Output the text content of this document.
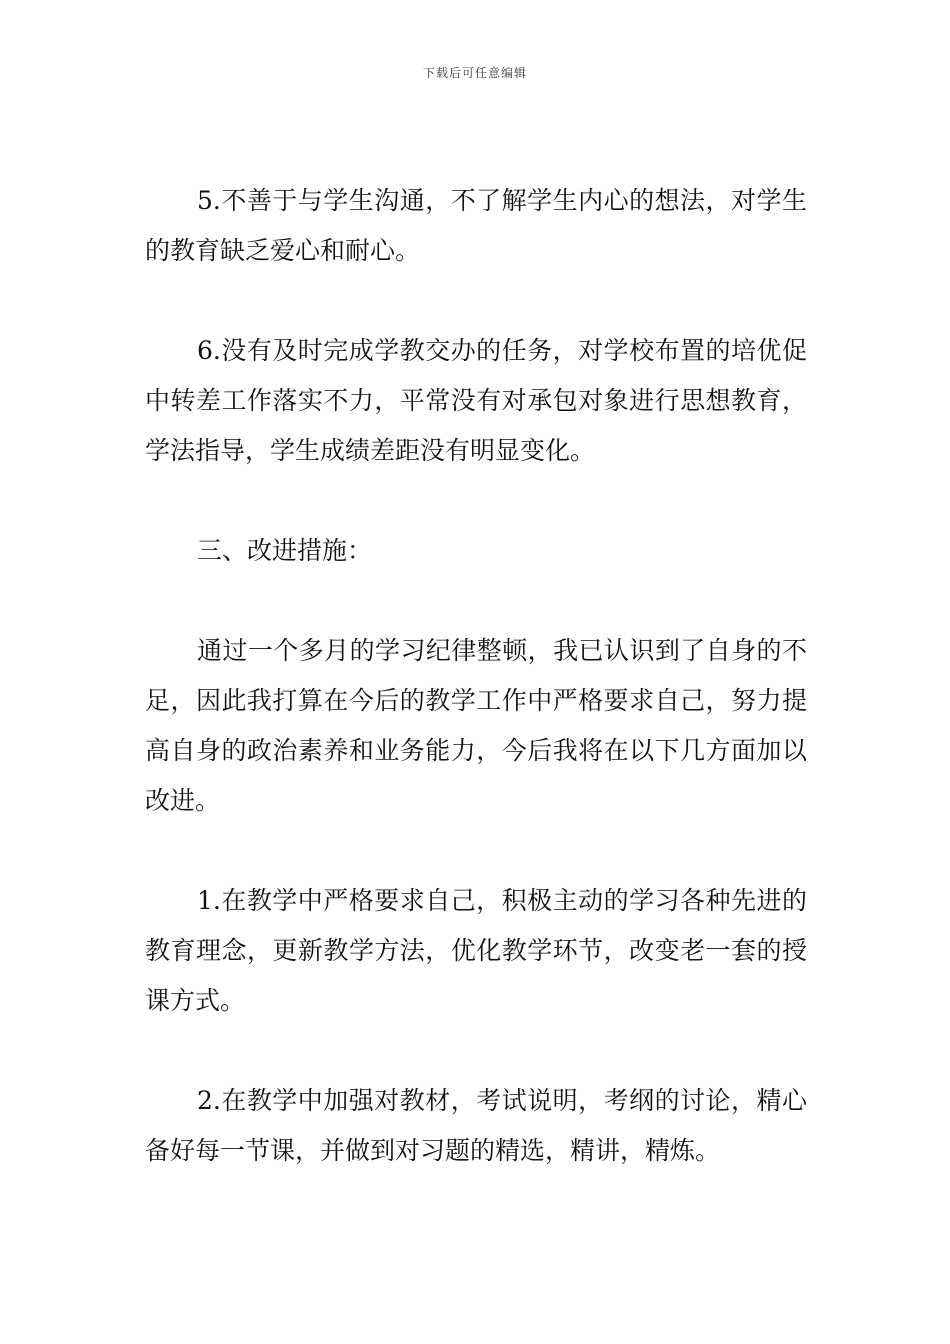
下载后可任意编辑

5.不善于与学生沟通，不了解学生内心的想法，对学生的教育缺乏爱心和耐心。

6.没有及时完成学教交办的任务，对学校布置的培优促中转差工作落实不力，平常没有对承包对象进行思想教育，学法指导，学生成绩差距没有明显变化。

三、改进措施：

通过一个多月的学习纪律整顿，我已认识到了自身的不足，因此我打算在今后的教学工作中严格要求自己，努力提高自身的政治素养和业务能力，今后我将在以下几方面加以改进。

1.在教学中严格要求自己，积极主动的学习各种先进的教育理念，更新教学方法，优化教学环节，改变老一套的授课方式。

2.在教学中加强对教材，考试说明，考纲的讨论，精心备好每一节课，并做到对习题的精选，精讲，精炼。
